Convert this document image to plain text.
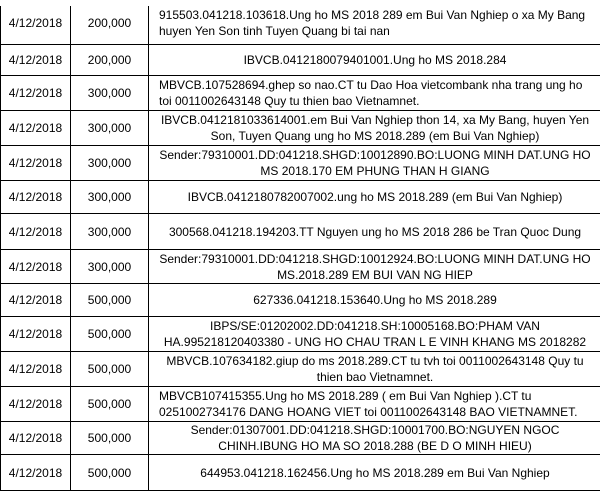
4/12/2018	200,000	915503.041218.103618.Ung ho MS 2018 289 em Bui Van Nghiep o xa My Bang huyen Yen Son tinh Tuyen Quang bi tai nan
4/12/2018	200,000	IBVCB.0412180079401001.Ung ho MS 2018.284
4/12/2018	300,000	MBVCB.107528694.ghep so nao.CT tu Dao Hoa vietcombank nha trang ung ho toi 0011002643148 Quy tu thien bao Vietnamnet.
4/12/2018	300,000	IBVCB.0412181033614001.em Bui Van Nghiep thon 14, xa My Bang, huyen Yen Son, Tuyen Quang ung ho MS 2018.289 (em Bui Van Nghiep)
4/12/2018	300,000	Sender:79310001.DD:041218.SHGD:10012890.BO:LUONG MINH DAT.UNG HO MS 2018.170 EM PHUNG THAN H GIANG
4/12/2018	300,000	IBVCB.0412180782007002.ung ho MS 2018.289 (em Bui Van Nghiep)
4/12/2018	300,000	300568.041218.194203.TT Nguyen ung ho MS 2018 286 be Tran Quoc Dung
4/12/2018	300,000	Sender:79310001.DD:041218.SHGD:10012924.BO:LUONG MINH DAT.UNG HO MS.2018.289 EM BUI VAN NG HIEP
4/12/2018	500,000	627336.041218.153640.Ung ho MS 2018.289
4/12/2018	500,000	IBPS/SE:01202002.DD:041218.SH:10005168.BO:PHAM VAN HA.995218120403380 - UNG HO CHAU TRAN L E VINH KHANG MS 2018282
4/12/2018	500,000	MBVCB.107634182.giup do ms 2018.289.CT tu tvh toi 0011002643148 Quy tu thien bao Vietnamnet.
4/12/2018	500,000	MBVCB107415355.Ung ho MS 2018.289 ( em Bui Van Nghiep ).CT tu 0251002734176 DANG HOANG VIET toi 0011002643148 BAO VIETNAMNET.
4/12/2018	500,000	Sender:01307001.DD:041218.SHGD:10001700.BO:NGUYEN NGOC CHINH.IBUNG HO MA SO 2018.288 (BE D O MINH HIEU)
4/12/2018	500,000	644953.041218.162456.Ung ho MS 2018.289 em Bui Van Nghiep
